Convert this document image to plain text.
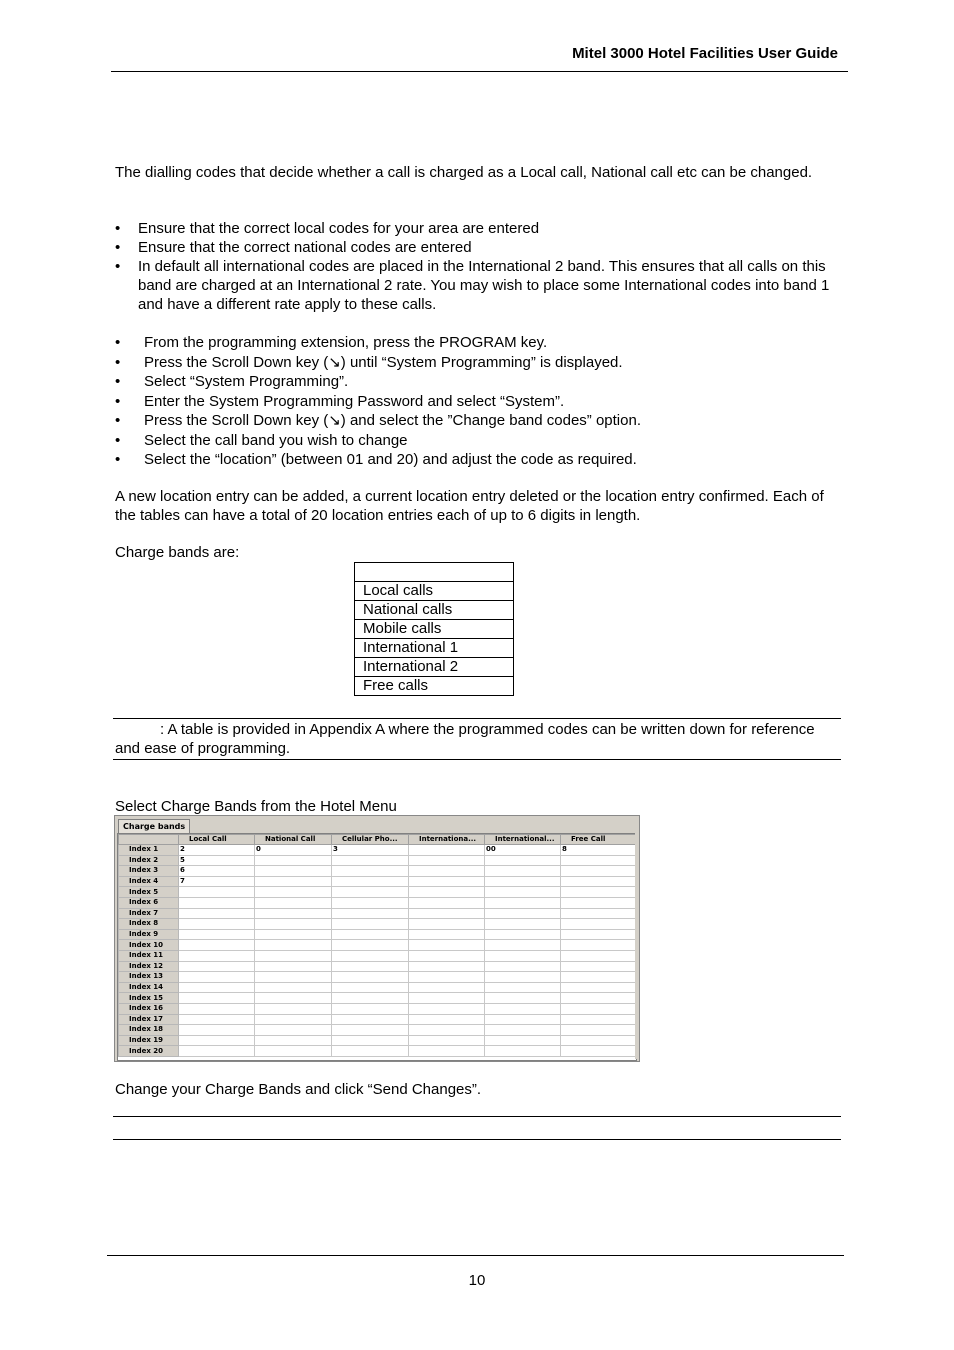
Mitel 3000 Hotel Facilities User Guide
The dialling codes that decide whether a call is charged as a Local call, National call etc can be changed.
• Ensure that the correct local codes for your area are entered
• Ensure that the correct national codes are entered
• In default all international codes are placed in the International 2 band. This ensures that all calls on this band are charged at an International 2 rate. You may wish to place some International codes into band 1 and have a different rate apply to these calls.
• From the programming extension, press the PROGRAM key.
• Press the Scroll Down key (↘) until “System Programming” is displayed.
• Select “System Programming”.
• Enter the System Programming Password and select “System”.
• Press the Scroll Down key (↘) and select the ”Change band codes” option.
• Select the call band you wish to change
• Select the “location” (between 01 and 20) and adjust the code as required.
A new location entry can be added, a current location entry deleted or the location entry confirmed. Each of the tables can have a total of 20 location entries each of up to 6 digits in length.
Charge bands are:

Local calls
National calls
Mobile calls
International 1
International 2
Free calls
: A table is provided in Appendix A where the programmed codes can be written down for reference and ease of programming.
Select Charge Bands from the Hotel Menu
Charge bands
	Local Call	National Call	Cellular Pho...	Internationa...	International...	Free Call
Index 1	2	0	3		00	8
Index 2	5					
Index 3	6					
Index 4	7					
Index 5						
Index 6						
Index 7						
Index 8						
Index 9						
Index 10						
Index 11						
Index 12						
Index 13						
Index 14						
Index 15						
Index 16						
Index 17						
Index 18						
Index 19						
Index 20						
Change your Charge Bands and click “Send Changes”.
10
